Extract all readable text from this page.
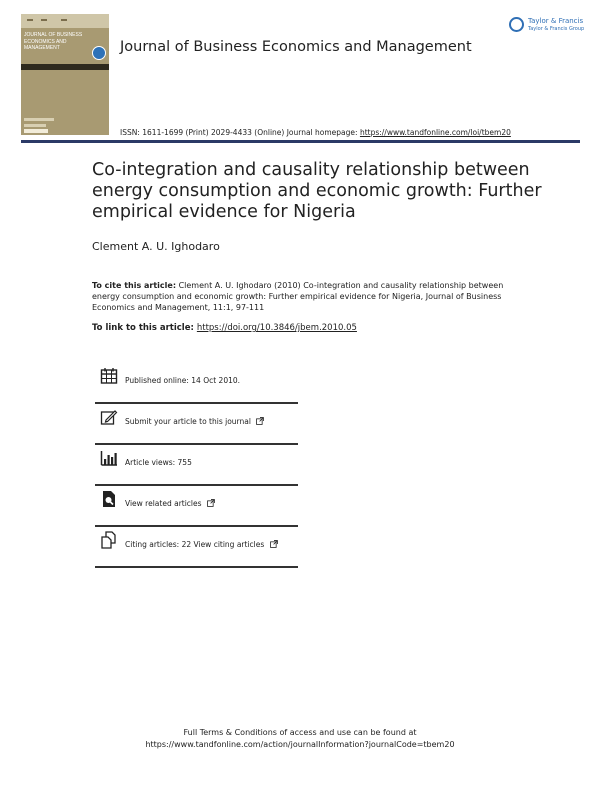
JOURNAL OF BUSINESS ECONOMICS AND MANAGEMENT	Journal of Business Economics and Management
Taylor & Francis
Taylor & Francis Group
ISSN: 1611-1699 (Print) 2029-4433 (Online) Journal homepage: https://www.tandfonline.com/loi/tbem20
Co-integration and causality relationship between energy consumption and economic growth: Further empirical evidence for Nigeria
Clement A. U. Ighodaro
To cite this article: Clement A. U. Ighodaro (2010) Co-integration and causality relationship between energy consumption and economic growth: Further empirical evidence for Nigeria, Journal of Business Economics and Management, 11:1, 97-111
To link to this article: https://doi.org/10.3846/jbem.2010.05
Published online: 14 Oct 2010.
Submit your article to this journal
Article views: 755
View related articles
Citing articles: 22 View citing articles
Full Terms & Conditions of access and use can be found at
https://www.tandfonline.com/action/journalInformation?journalCode=tbem20
